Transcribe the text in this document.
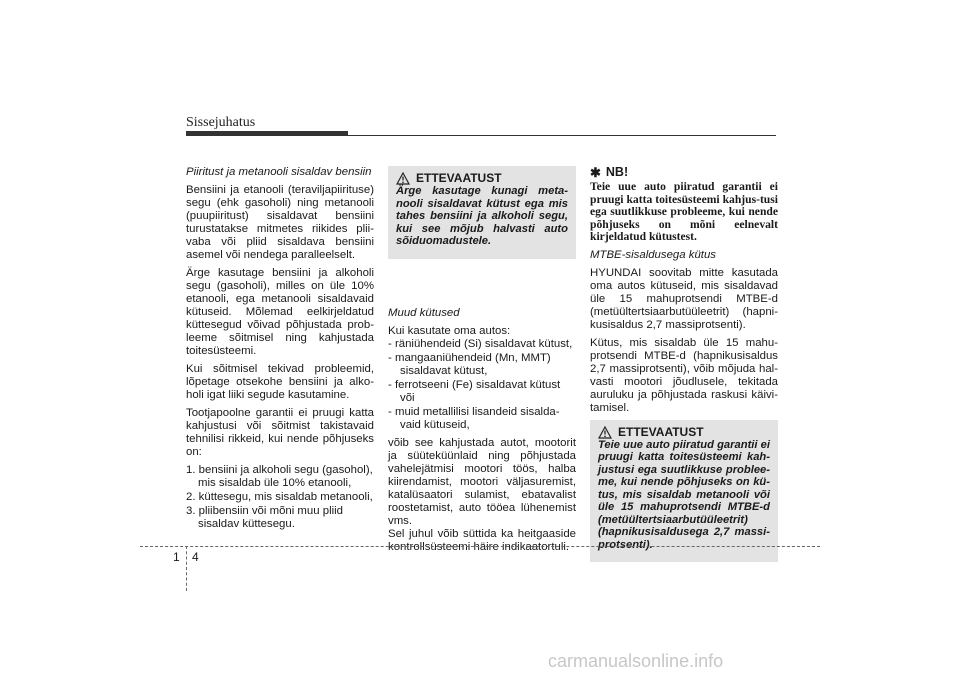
Sissejuhatus

Piiritust ja metanooli sisaldav bensiin

Bensiini ja etanooli (teraviljapiirituse) segu (ehk gasoholi) ning metanooli (puupiiritust) sisaldavat bensiini turustatakse mitmetes riikides plii-vaba või pliid sisaldava bensiini asemel või nendega paralleelselt.

Ärge kasutage bensiini ja alkoholi segu (gasoholi), milles on üle 10% etanooli, ega metanooli sisaldavaid kütuseid. Mõlemad eelkirjeldatud küttesegud võivad põhjustada prob-leeme sõitmisel ning kahjustada toitesüsteemi.

Kui sõitmisel tekivad probleemid, lõpetage otsekohe bensiini ja alko-holi igat liiki segude kasutamine.

Tootjapoolne garantii ei pruugi katta kahjustusi või sõitmist takistavaid tehnilisi rikkeid, kui nende põhjuseks on:

1. bensiini ja alkoholi segu (gasohol), mis sisaldab üle 10% etanooli,
2. küttesegu, mis sisaldab metanooli,
3. pliibensiin või mõni muu pliid sisaldav küttesegu.
ETTEVAATUST

Ärge kasutage kunagi meta-nooli sisaldavat kütust ega mis tahes bensiini ja alkoholi segu, kui see mõjub halvasti auto sõiduomadustele.

Muud kütused

Kui kasutate oma autos:

- räniühendeid (Si) sisaldavat kütust,
- mangaaniühendeid (Mn, MMT) sisaldavat kütust,
- ferrotseeni (Fe) sisaldavat kütust või
- muid metallilisi lisandeid sisalda-vaid kütuseid,

võib see kahjustada autot, mootorit ja süüteküünlaid ning põhjustada vahelejätmisi mootori töös, halba kiirendamist, mootori väljasuremist, katalüsaatori sulamist, ebatavalist roostetamist, auto tööea lühenemist vms.

Sel juhul võib süttida ka heitgaaside kontrollsüsteemi häire indikaatortuli.

✱ NB!

Teie uue auto piiratud garantii ei pruugi katta toitesüsteemi kahjus-tusi ega suutlikkuse probleeme, kui nende põhjuseks on mõni eelnevalt kirjeldatud kütustest.

MTBE-sisaldusega kütus

HYUNDAI soovitab mitte kasutada oma autos kütuseid, mis sisaldavad üle 15 mahuprotsendi MTBE-d (metüültertsiaarbutüüleetrit) (hapni-kusisaldus 2,7 massiprotsenti).

Kütus, mis sisaldab üle 15 mahu-protsendi MTBE-d (hapnikusisaldus 2,7 massiprotsenti), võib mõjuda hal-vasti mootori jõudlusele, tekitada auruluku ja põhjustada raskusi käivi-tamisel.

ETTEVAATUST

Teie uue auto piiratud garantii ei pruugi katta toitesüsteemi kah-justusi ega suutlikkuse problee-me, kui nende põhjuseks on kü-tus, mis sisaldab metanooli või üle 15 mahuprotsendi MTBE-d (metüültertsiaarbutüüleetrit) (hapnikusisaldusega 2,7 massi-protsenti).

1 4
carmanualsonline.info
